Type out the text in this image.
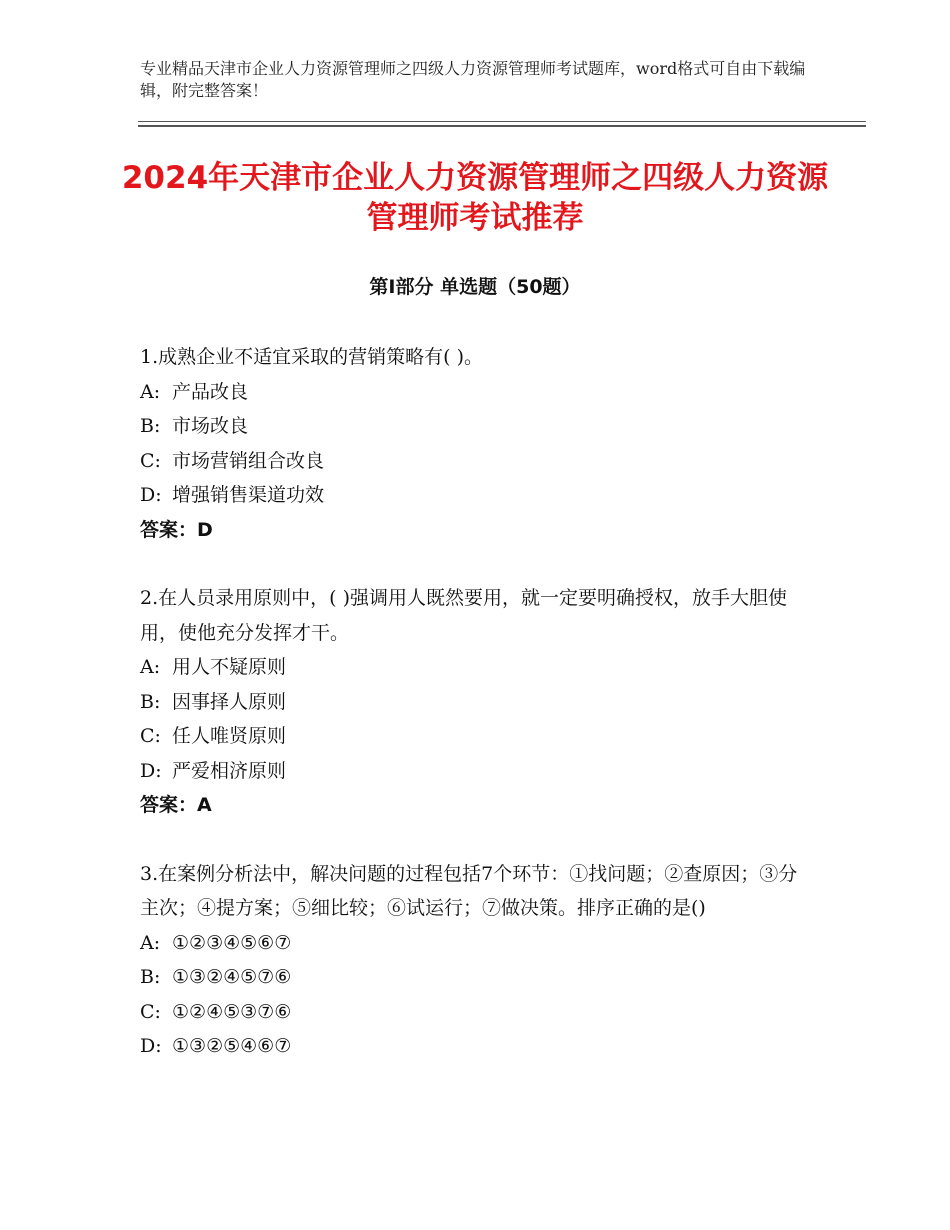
专业精品天津市企业人力资源管理师之四级人力资源管理师考试题库，word格式可自由下载编辑，附完整答案！
2024年天津市企业人力资源管理师之四级人力资源管理师考试推荐
第Ⅰ部分 单选题（50题）
1.成熟企业不适宜采取的营销策略有( )。
A: 产品改良
B: 市场改良
C: 市场营销组合改良
D: 增强销售渠道功效
答案：D
2.在人员录用原则中，( )强调用人既然要用，就一定要明确授权，放手大胆使用，使他充分发挥才干。
A: 用人不疑原则
B: 因事择人原则
C: 任人唯贤原则
D: 严爱相济原则
答案：A
3.在案例分析法中，解决问题的过程包括7个环节：①找问题；②查原因；③分主次；④提方案；⑤细比较；⑥试运行；⑦做决策。排序正确的是()
A: ①②③④⑤⑥⑦
B: ①③②④⑤⑦⑥
C: ①②④⑤③⑦⑥
D: ①③②⑤④⑥⑦
